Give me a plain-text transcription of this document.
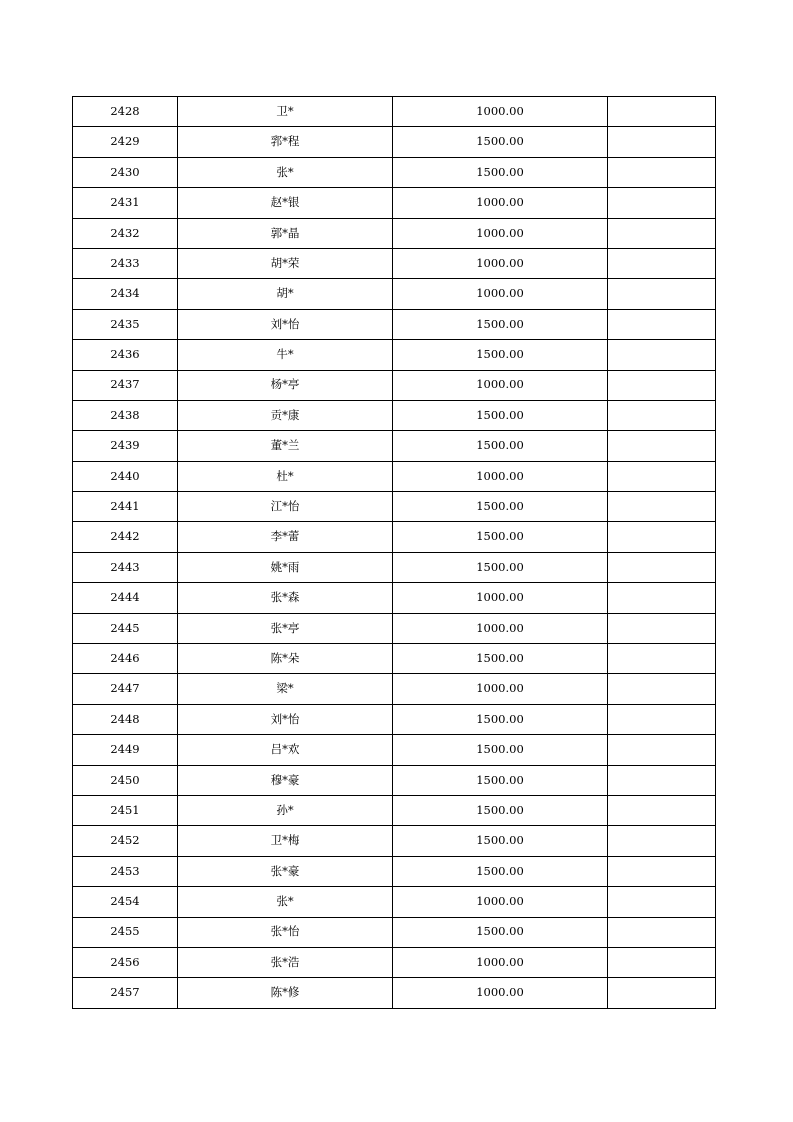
2428	卫*	1000.00	
2429	郛*程	1500.00	
2430	张*	1500.00	
2431	赵*银	1000.00	
2432	郭*晶	1000.00	
2433	胡*荣	1000.00	
2434	胡*	1000.00	
2435	刘*怡	1500.00	
2436	牛*	1500.00	
2437	杨*亭	1000.00	
2438	贡*康	1500.00	
2439	董*兰	1500.00	
2440	杜*	1000.00	
2441	江*怡	1500.00	
2442	李*蕾	1500.00	
2443	姚*雨	1500.00	
2444	张*森	1000.00	
2445	张*亭	1000.00	
2446	陈*朵	1500.00	
2447	梁*	1000.00	
2448	刘*怡	1500.00	
2449	吕*欢	1500.00	
2450	穆*豪	1500.00	
2451	孙*	1500.00	
2452	卫*梅	1500.00	
2453	张*豪	1500.00	
2454	张*	1000.00	
2455	张*怡	1500.00	
2456	张*浩	1000.00	
2457	陈*修	1000.00	
